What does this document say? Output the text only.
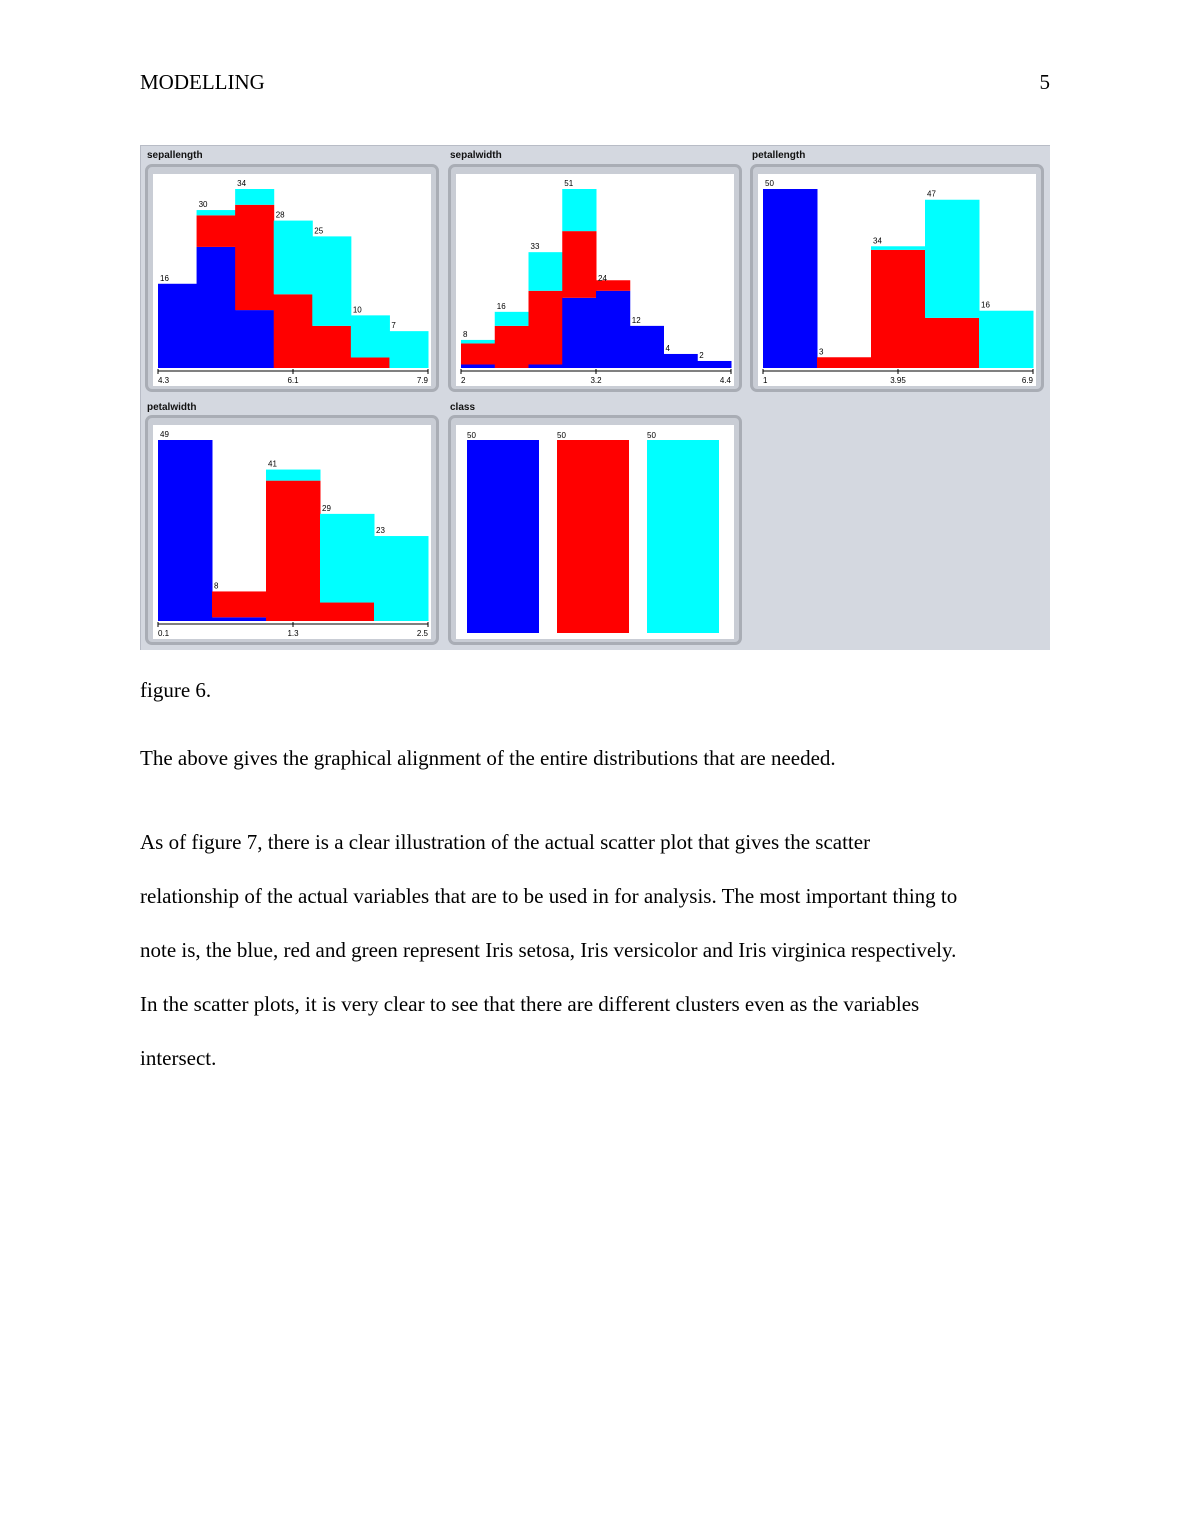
MODELLING	5
sepallength
16
30
34
28
25
10
7
4.3	6.1	7.9
sepalwidth
8
16
33
51
24
12
4
2
2	3.2	4.4
petallength
50
3
34
47
16
1	3.95	6.9
petalwidth
49
8
41
29
23
0.1	1.3	2.5
class
50	50	50
figure 6.
The above gives the graphical alignment of the entire distributions that are needed.
As of figure 7, there is a clear illustration of the actual scatter plot that gives the scatter
relationship of the actual variables that are to be used in for analysis. The most important thing to
note is, the blue, red and green represent Iris setosa, Iris versicolor and Iris virginica respectively.
In the scatter plots, it is very clear to see that there are different clusters even as the variables
intersect.
